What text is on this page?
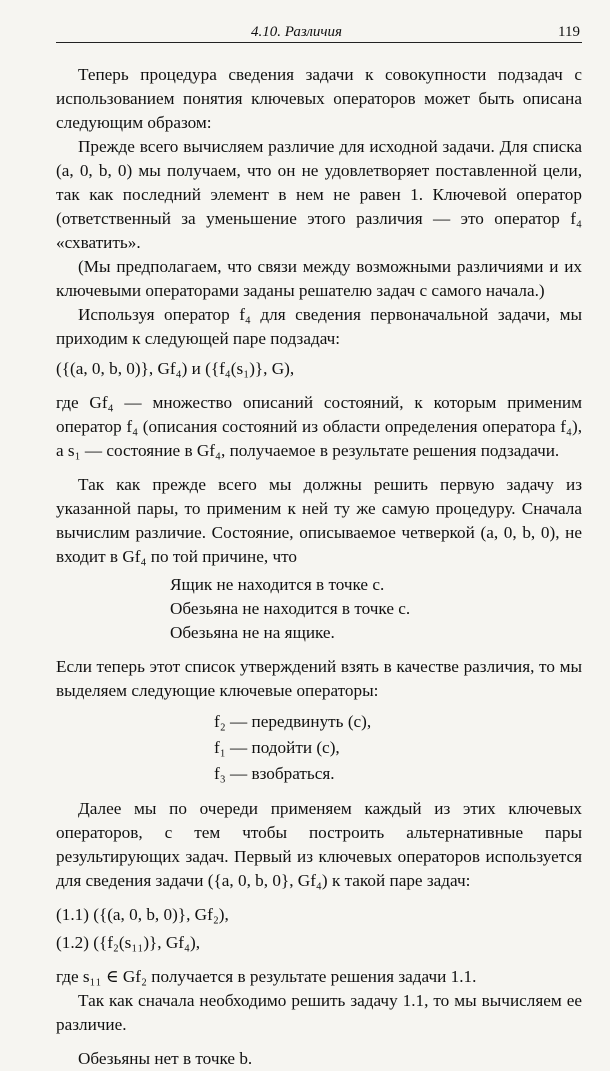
4.10. Различия	119

Теперь процедура сведения задачи к совокупности подзадач с использованием понятия ключевых операторов может быть описана следующим образом:

Прежде всего вычисляем различие для исходной задачи. Для списка (a, 0, b, 0) мы получаем, что он не удовлетворяет поставленной цели, так как последний элемент в нем не равен 1. Ключевой оператор (ответственный за уменьшение этого различия — это оператор f₄ «схватить».

(Мы предполагаем, что связи между возможными различиями и их ключевыми операторами заданы решателю задач с самого начала.)

Используя оператор f₄ для сведения первоначальной задачи, мы приходим к следующей паре подзадач:

({(a, 0, b, 0)}, Gf₄) и ({f₄(s₁)}, G),

где Gf₄ — множество описаний состояний, к которым применим оператор f₄ (описания состояний из области определения оператора f₄), а s₁ — состояние в Gf₄, получаемое в результате решения подзадачи.

Так как прежде всего мы должны решить первую задачу из указанной пары, то применим к ней ту же самую процедуру. Сначала вычислим различие. Состояние, описываемое четверкой (a, 0, b, 0), не входит в Gf₄ по той причине, что

Ящик не находится в точке c.
Обезьяна не находится в точке c.
Обезьяна не на ящике.

Если теперь этот список утверждений взять в качестве различия, то мы выделяем следующие ключевые операторы:

f₂ — передвинуть (c),
f₁ — подойти (c),
f₃ — взобраться.

Далее мы по очереди применяем каждый из этих ключевых операторов, с тем чтобы построить альтернативные пары результирующих задач. Первый из ключевых операторов используется для сведения задачи ({a, 0, b, 0}, Gf₄) к такой паре задач:

(1.1) ({(a, 0, b, 0)}, Gf₂),
(1.2) ({f₂(s₁₁)}, Gf₄),

где s₁₁ ∈ Gf₂ получается в результате решения задачи 1.1.

Так как сначала необходимо решить задачу 1.1, то мы вычисляем ее различие.

Обезьяны нет в точке b.
